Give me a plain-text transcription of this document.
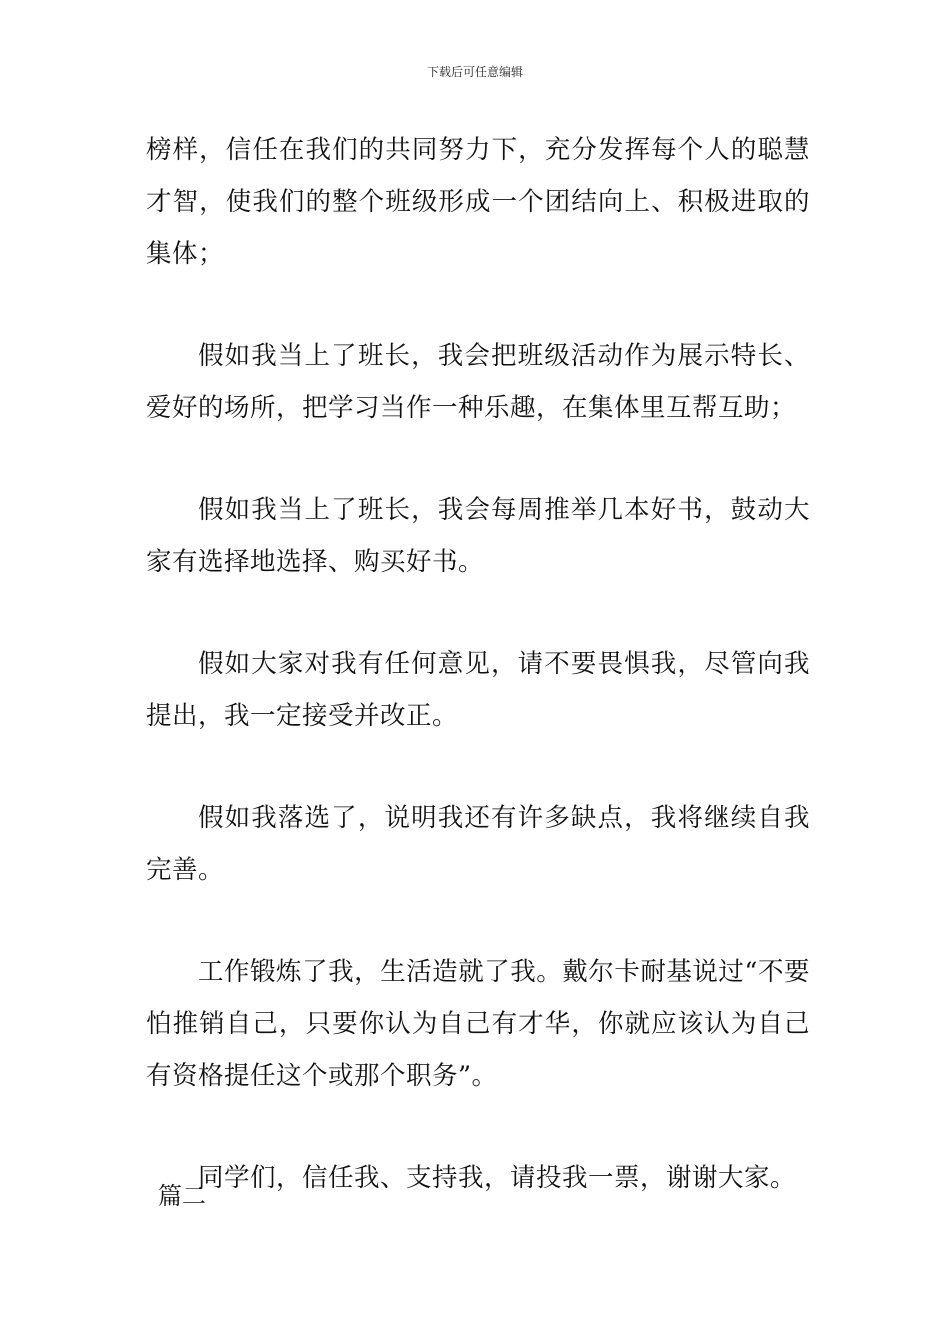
下载后可任意编辑

榜样，信任在我们的共同努力下，充分发挥每个人的聪慧才智，使我们的整个班级形成一个团结向上、积极进取的集体；

假如我当上了班长，我会把班级活动作为展示特长、爱好的场所，把学习当作一种乐趣，在集体里互帮互助；

假如我当上了班长，我会每周推举几本好书，鼓动大家有选择地选择、购买好书。

假如大家对我有任何意见，请不要畏惧我，尽管向我提出，我一定接受并改正。

假如我落选了，说明我还有许多缺点，我将继续自我完善。

工作锻炼了我，生活造就了我。戴尔卡耐基说过“不要怕推销自己，只要你认为自己有才华，你就应该认为自己有资格提任这个或那个职务”。

同学们，信任我、支持我，请投我一票，谢谢大家。

篇二
